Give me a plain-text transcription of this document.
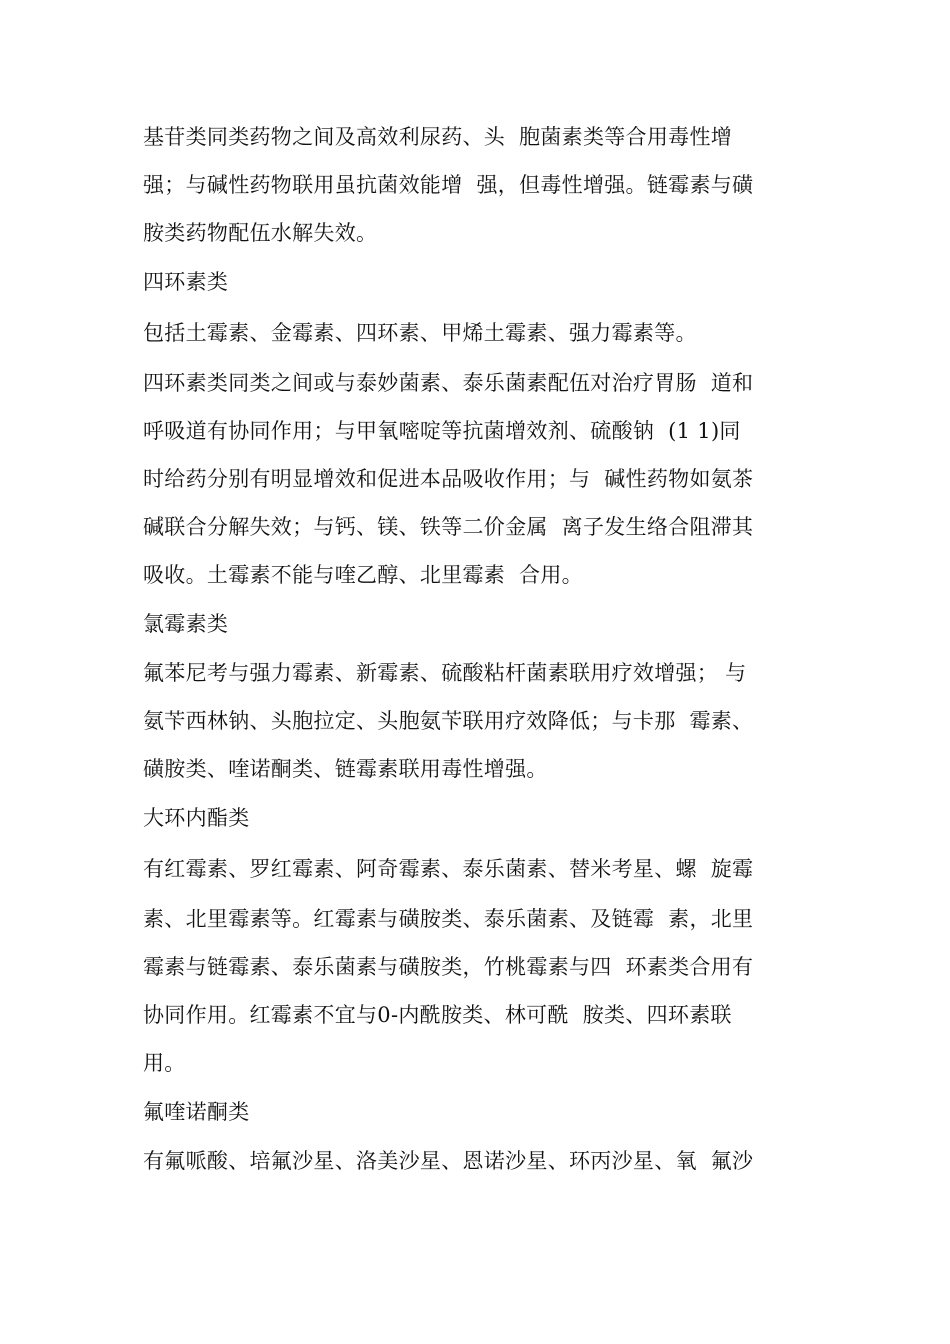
基苷类同类药物之间及高效利尿药、头  胞菌素类等合用毒性增
强；与碱性药物联用虽抗菌效能增  强，但毒性增强。链霉素与磺
胺类药物配伍水解失效。
四环素类
包括土霉素、金霉素、四环素、甲烯土霉素、强力霉素等。
四环素类同类之间或与泰妙菌素、泰乐菌素配伍对治疗胃肠  道和
呼吸道有协同作用；与甲氧嘧啶等抗菌增效剂、硫酸钠  (1 1)同
时给药分别有明显增效和促进本品吸收作用；与  碱性药物如氨茶
碱联合分解失效；与钙、镁、铁等二价金属  离子发生络合阻滞其
吸收。土霉素不能与喹乙醇、北里霉素  合用。
氯霉素类
氟苯尼考与强力霉素、新霉素、硫酸粘杆菌素联用疗效增强； 与
氨苄西林钠、头胞拉定、头胞氨苄联用疗效降低；与卡那  霉素、
磺胺类、喹诺酮类、链霉素联用毒性增强。
大环内酯类
有红霉素、罗红霉素、阿奇霉素、泰乐菌素、替米考星、螺  旋霉
素、北里霉素等。红霉素与磺胺类、泰乐菌素、及链霉  素，北里
霉素与链霉素、泰乐菌素与磺胺类，竹桃霉素与四  环素类合用有
协同作用。红霉素不宜与0-内酰胺类、林可酰  胺类、四环素联
用。
氟喹诺酮类
有氟哌酸、培氟沙星、洛美沙星、恩诺沙星、环丙沙星、氧  氟沙
